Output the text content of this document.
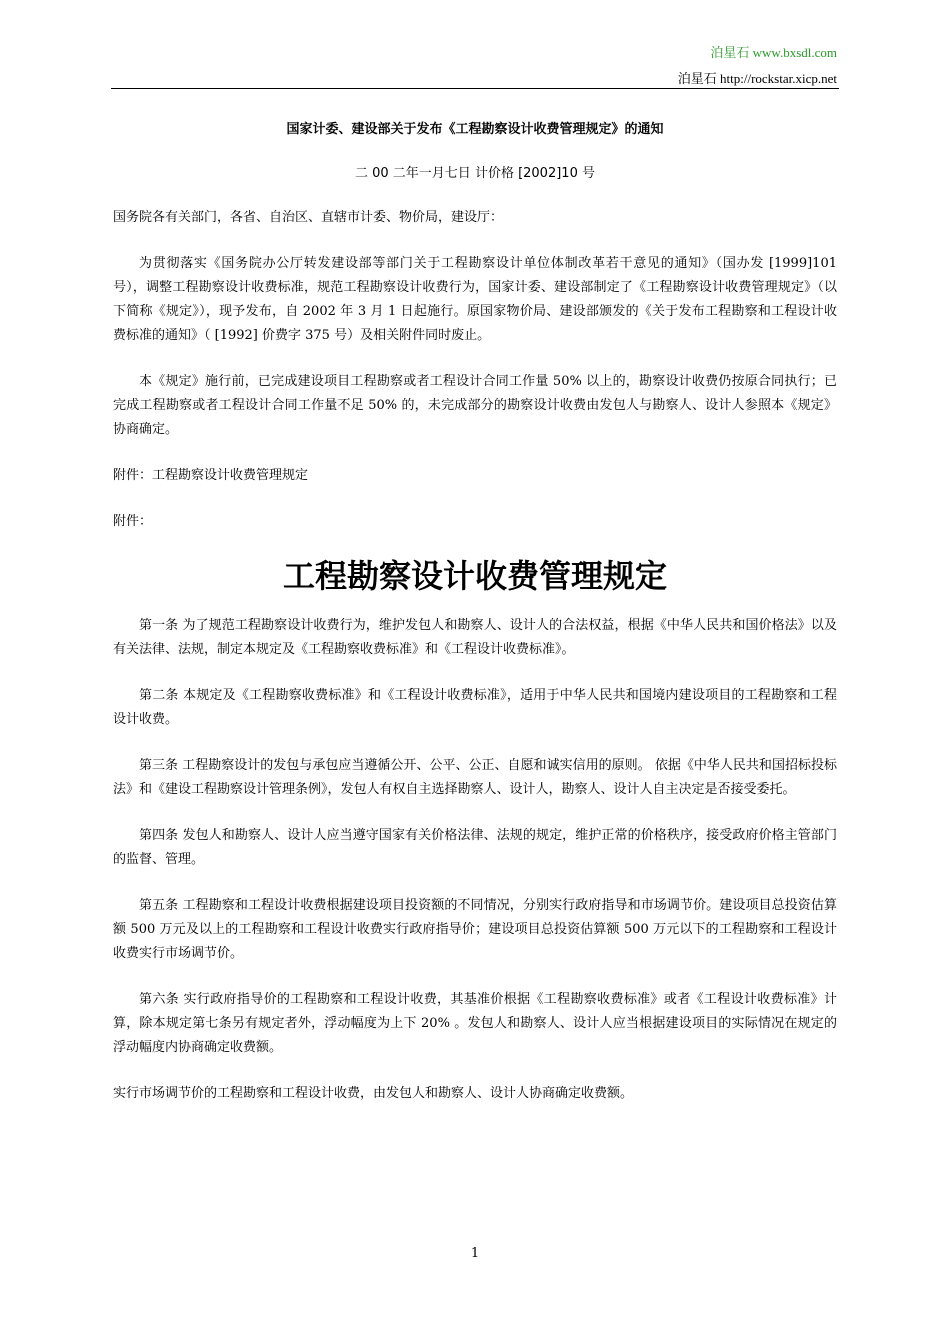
泊星石 www.bxsdl.com
泊星石 http://rockstar.xicp.net
国家计委、建设部关于发布《工程勘察设计收费管理规定》的通知
二 00 二年一月七日 计价格 [2002]10 号

国务院各有关部门，各省、自治区、直辖市计委、物价局，建设厅：

为贯彻落实《国务院办公厅转发建设部等部门关于工程勘察设计单位体制改革若干意见的通知》（国办发 [1999]101 号），调整工程勘察设计收费标准，规范工程勘察设计收费行为，国家计委、建设部制定了《工程勘察设计收费管理规定》（以下简称《规定》），现予发布，自 2002 年 3 月 1 日起施行。原国家物价局、建设部颁发的《关于发布工程勘察和工程设计收费标准的通知》（ [1992] 价费字 375 号）及相关附件同时废止。

本《规定》施行前，已完成建设项目工程勘察或者工程设计合同工作量 50% 以上的，勘察设计收费仍按原合同执行；已完成工程勘察或者工程设计合同工作量不足 50% 的，未完成部分的勘察设计收费由发包人与勘察人、设计人参照本《规定》协商确定。

附件：工程勘察设计收费管理规定

附件：

工程勘察设计收费管理规定

第一条 为了规范工程勘察设计收费行为，维护发包人和勘察人、设计人的合法权益，根据《中华人民共和国价格法》以及有关法律、法规，制定本规定及《工程勘察收费标准》和《工程设计收费标准》。

第二条 本规定及《工程勘察收费标准》和《工程设计收费标准》，适用于中华人民共和国境内建设项目的工程勘察和工程设计收费。

第三条 工程勘察设计的发包与承包应当遵循公开、公平、公正、自愿和诚实信用的原则。 依据《中华人民共和国招标投标法》和《建设工程勘察设计管理条例》，发包人有权自主选择勘察人、设计人，勘察人、设计人自主决定是否接受委托。

第四条 发包人和勘察人、设计人应当遵守国家有关价格法律、法规的规定，维护正常的价格秩序，接受政府价格主管部门的监督、管理。

第五条 工程勘察和工程设计收费根据建设项目投资额的不同情况，分别实行政府指导和市场调节价。建设项目总投资估算额 500 万元及以上的工程勘察和工程设计收费实行政府指导价；建设项目总投资估算额 500 万元以下的工程勘察和工程设计收费实行市场调节价。

第六条 实行政府指导价的工程勘察和工程设计收费，其基准价根据《工程勘察收费标准》或者《工程设计收费标准》计算，除本规定第七条另有规定者外，浮动幅度为上下 20% 。发包人和勘察人、设计人应当根据建设项目的实际情况在规定的浮动幅度内协商确定收费额。

实行市场调节价的工程勘察和工程设计收费，由发包人和勘察人、设计人协商确定收费额。

1
